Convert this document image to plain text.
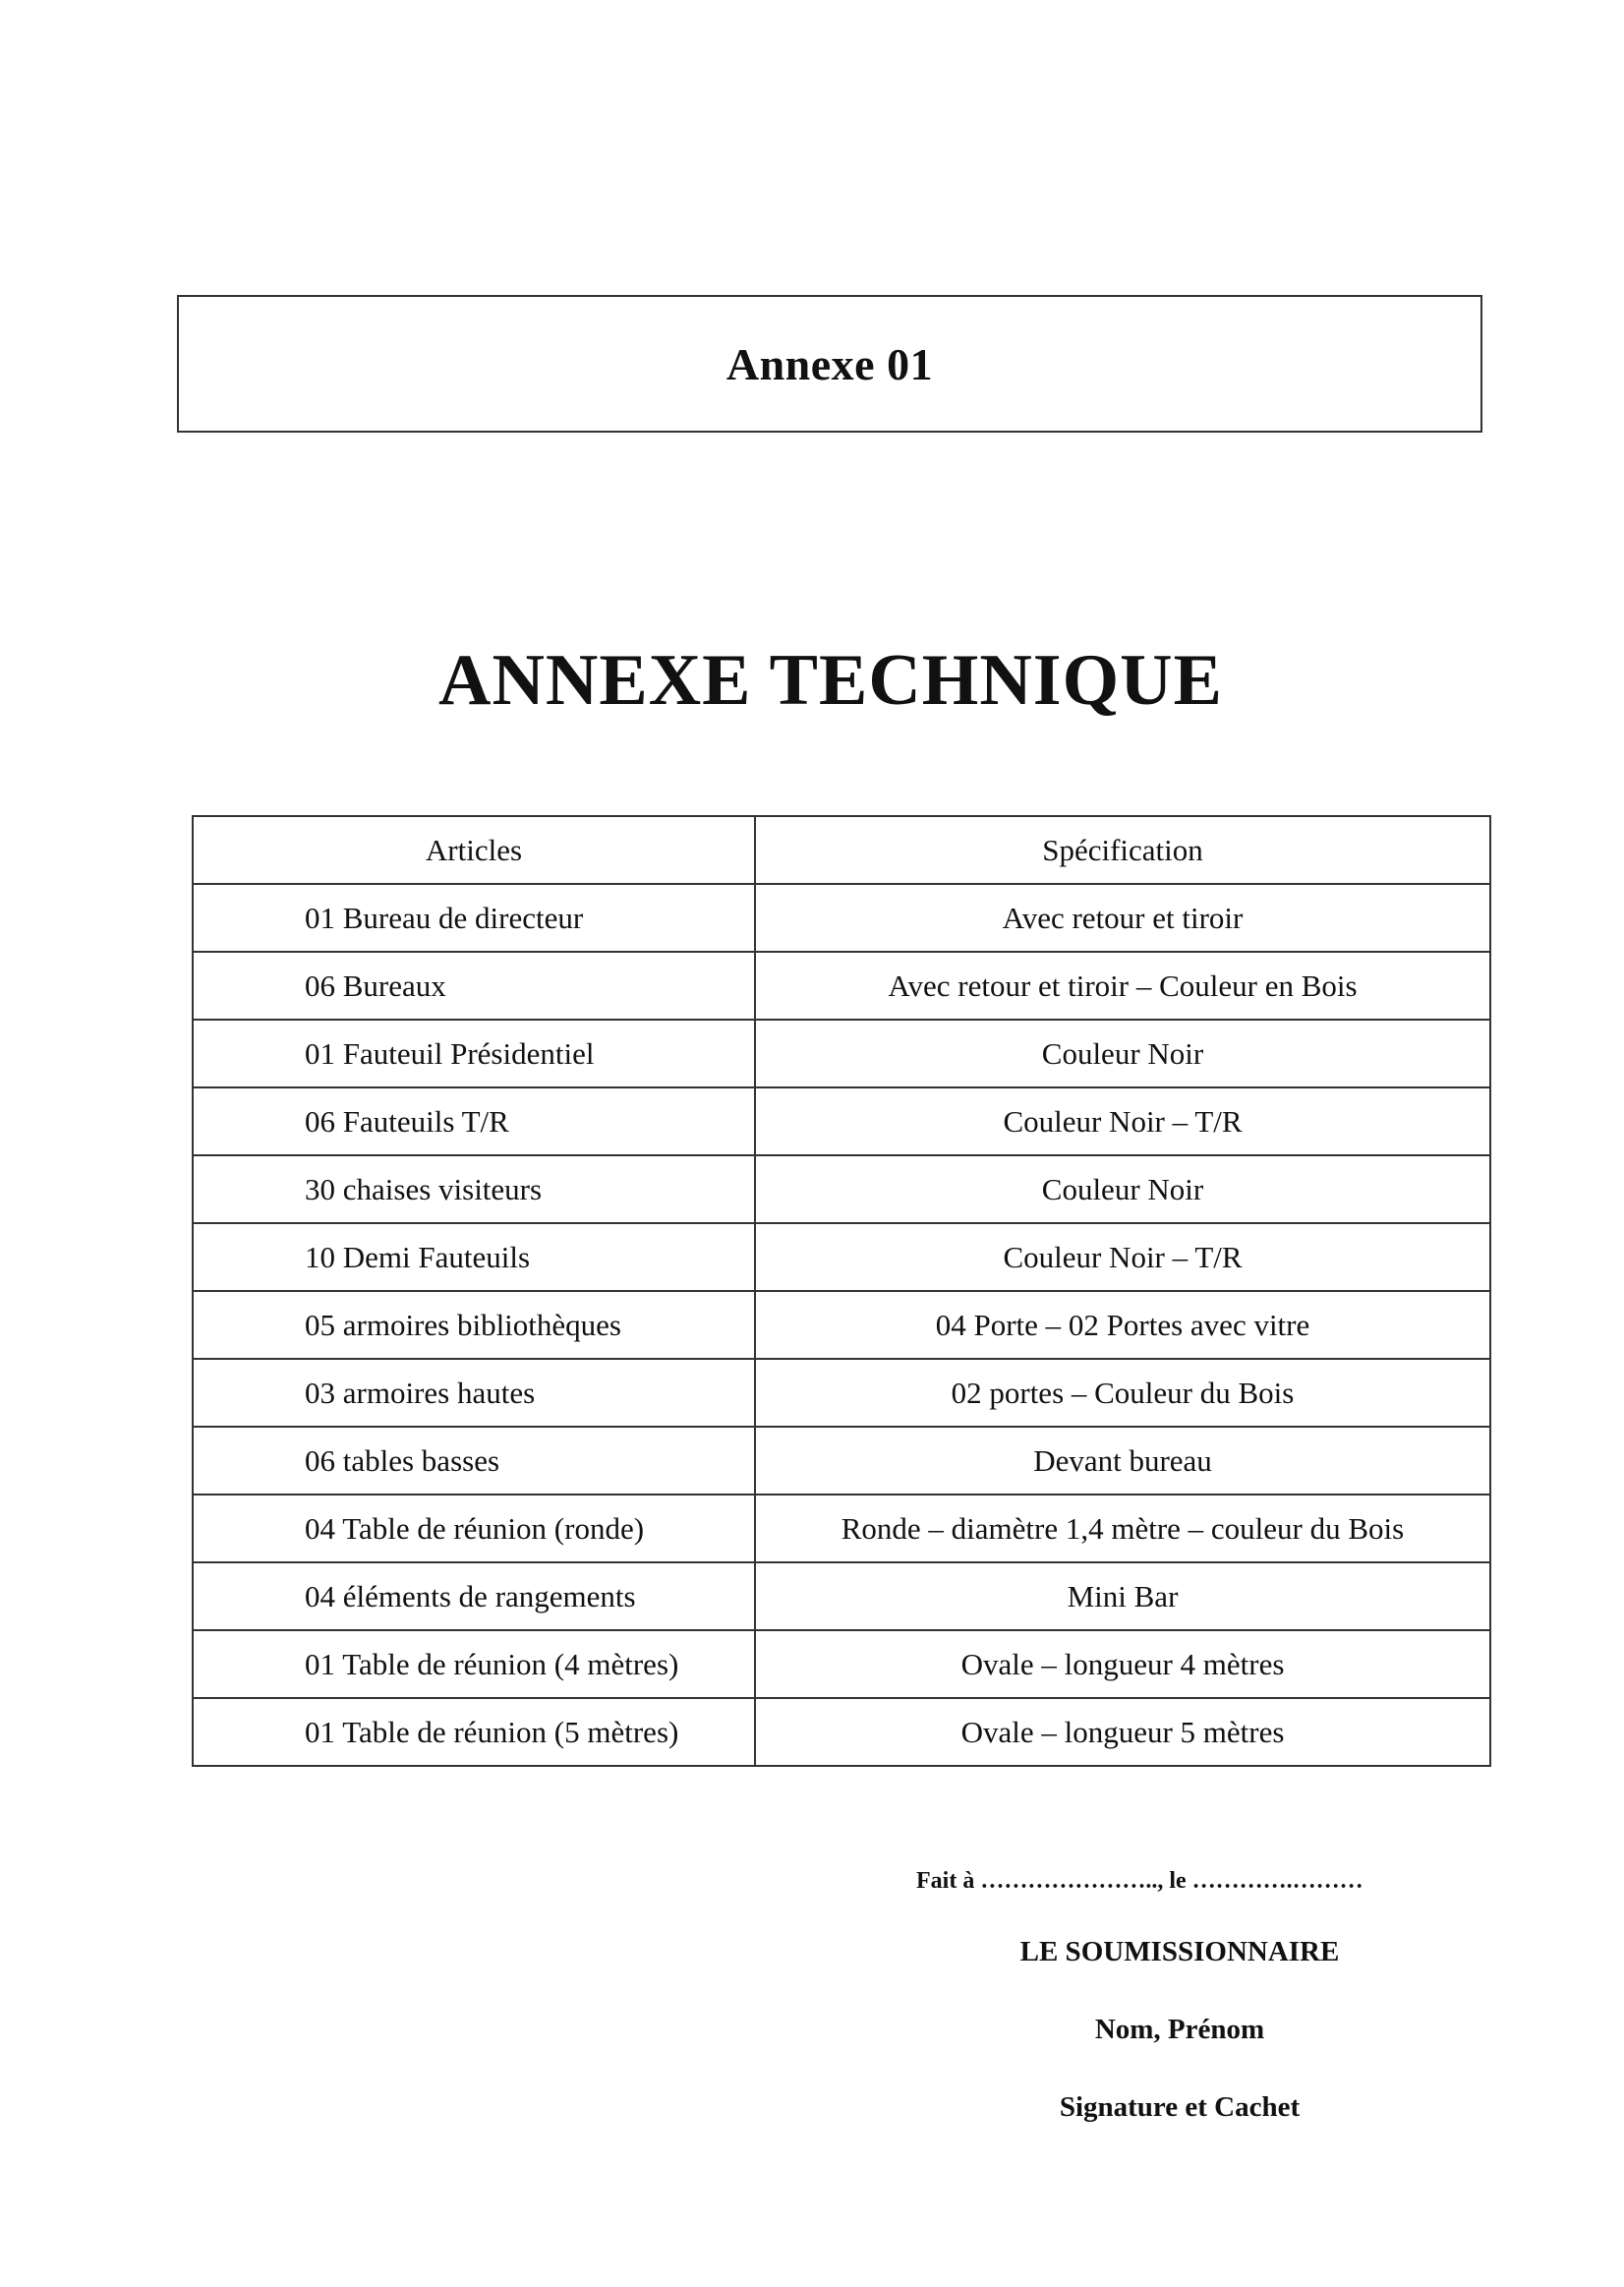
Annexe 01
ANNEXE TECHNIQUE
Articles	Spécification
01 Bureau de directeur	Avec retour et tiroir
06 Bureaux	Avec retour et tiroir – Couleur en Bois
01 Fauteuil Présidentiel	Couleur Noir
06 Fauteuils T/R	Couleur Noir – T/R
30 chaises visiteurs	Couleur Noir
10 Demi Fauteuils	Couleur Noir – T/R
05 armoires bibliothèques	04 Porte – 02 Portes avec vitre
03 armoires hautes	02 portes – Couleur du Bois
06 tables basses	Devant bureau
04 Table de réunion (ronde)	Ronde – diamètre 1,4 mètre – couleur du Bois
04 éléments de rangements	Mini Bar
01 Table de réunion (4 mètres)	Ovale – longueur 4 mètres
01 Table de réunion (5 mètres)	Ovale – longueur 5 mètres
Fait à ………………….., le ………….………
LE SOUMISSIONNAIRE
Nom, Prénom
Signature et Cachet
